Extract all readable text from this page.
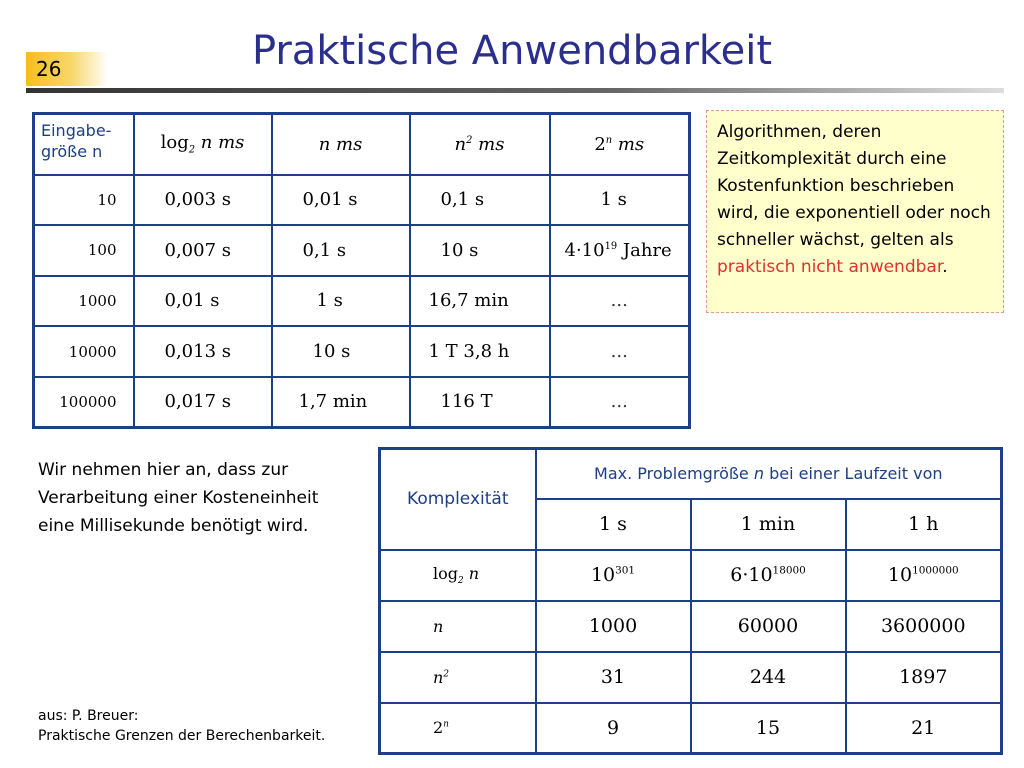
26	Praktische Anwendbarkeit
Eingabe-
größe n	$\log_2 n$ ms	n ms	$n^2$ ms	2$^n$ ms
10	0,003 s	0,01 s	0,1 s	1 s
100	0,007 s	0,1 s	10 s	$4\cdot 10^{19}$ Jahre
1000	0,01 s	1 s	16,7 min	...
10000	0,013 s	10 s	1 T 3,8 h	...
100000	0,017 s	1,7 min	116 T	...
Algorithmen, deren Zeitkomplexität durch eine Kostenfunktion beschrieben wird, die exponentiell oder noch schneller wächst, gelten als praktisch nicht anwendbar.
Wir nehmen hier an, dass zur Verarbeitung einer Kosteneinheit eine Millisekunde benötigt wird.
Komplexität	Max. Problemgröße n bei einer Laufzeit von		
	1 s	1 min	1 h
$\log_2 n$	$10^{301}$	$6\cdot 10^{18000}$	$10^{1000000}$
n	1000	60000	3600000
$n^2$	31	244	1897
2$^n$	9	15	21
aus: P. Breuer:
Praktische Grenzen der Berechenbarkeit.
